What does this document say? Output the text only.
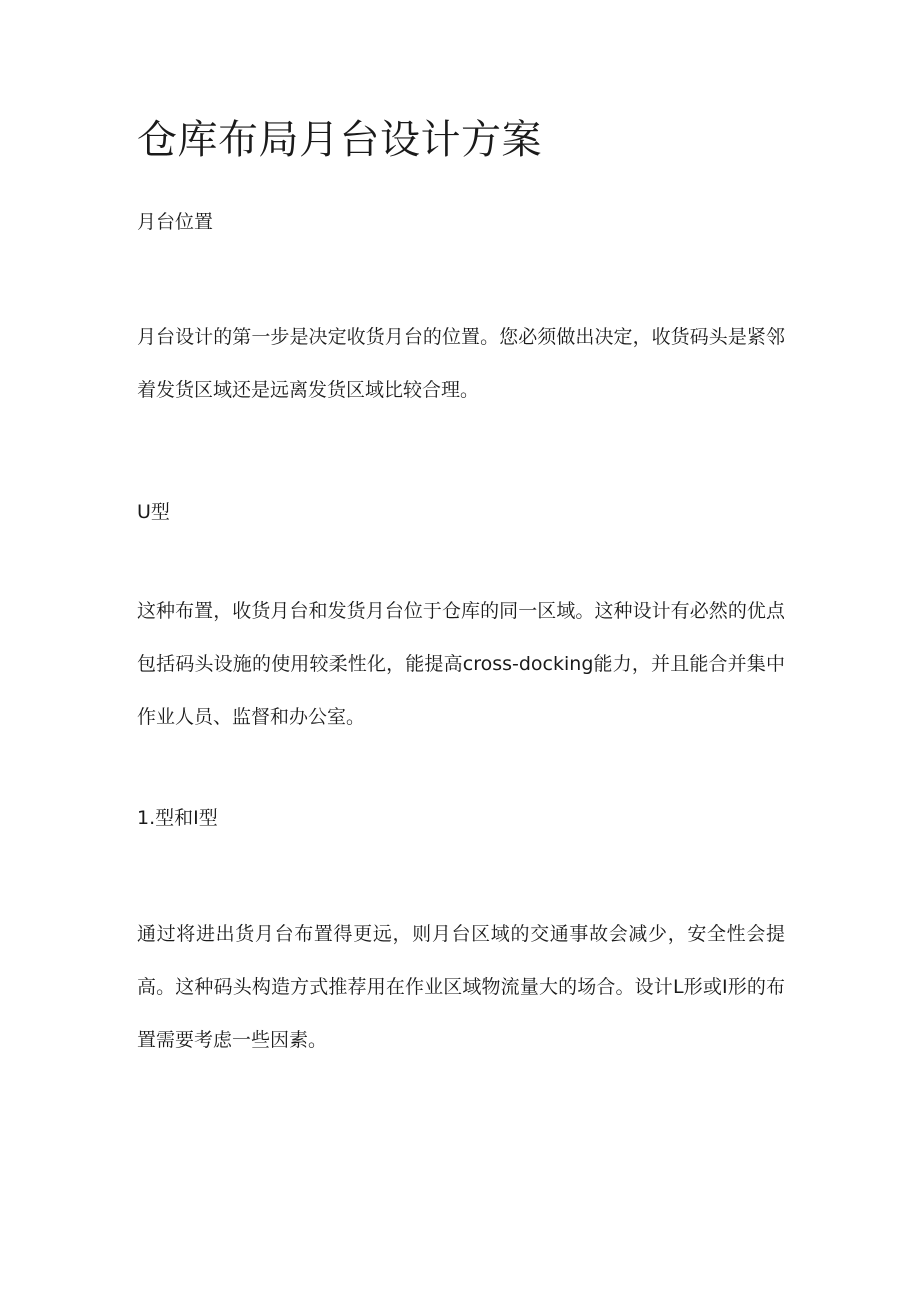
仓库布局月台设计方案
月台位置

月台设计的第一步是决定收货月台的位置。您必须做出决定，收货码头是紧邻着发货区域还是远离发货区域比较合理。

U型

这种布置，收货月台和发货月台位于仓库的同一区域。这种设计有必然的优点包括码头设施的使用较柔性化，能提高cross-docking能力，并且能合并集中作业人员、监督和办公室。

1.型和I型

通过将进出货月台布置得更远，则月台区域的交通事故会减少，安全性会提高。这种码头构造方式推荐用在作业区域物流量大的场合。设计L形或I形的布置需要考虑一些因素。
